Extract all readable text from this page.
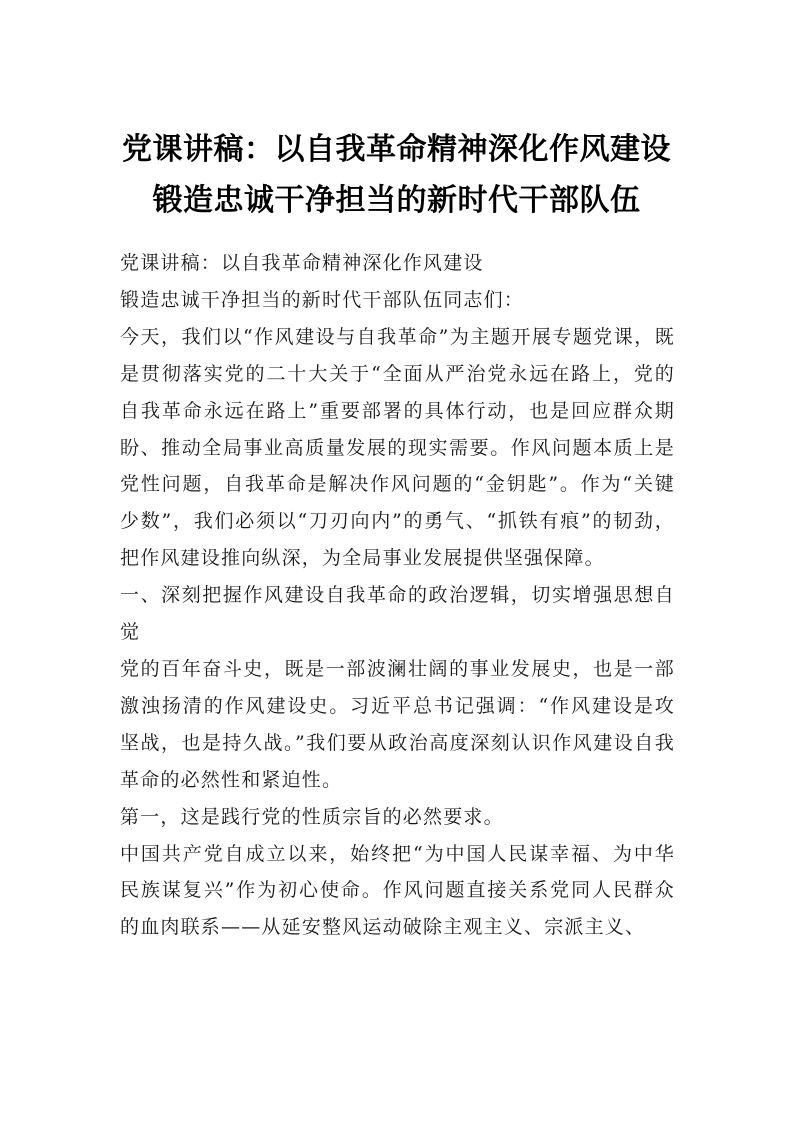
党课讲稿：以自我革命精神深化作风建设
锻造忠诚干净担当的新时代干部队伍

党课讲稿：以自我革命精神深化作风建设

锻造忠诚干净担当的新时代干部队伍同志们：

今天，我们以“作风建设与自我革命”为主题开展专题党课，既是贯彻落实党的二十大关于“全面从严治党永远在路上，党的自我革命永远在路上”重要部署的具体行动，也是回应群众期盼、推动全局事业高质量发展的现实需要。作风问题本质上是党性问题，自我革命是解决作风问题的“金钥匙”。作为“关键少数”，我们必须以“刀刃向内”的勇气、“抓铁有痕”的韧劲，把作风建设推向纵深，为全局事业发展提供坚强保障。

一、深刻把握作风建设自我革命的政治逻辑，切实增强思想自觉

党的百年奋斗史，既是一部波澜壮阔的事业发展史，也是一部激浊扬清的作风建设史。习近平总书记强调：“作风建设是攻坚战，也是持久战。”我们要从政治高度深刻认识作风建设自我革命的必然性和紧迫性。

第一，这是践行党的性质宗旨的必然要求。

中国共产党自成立以来，始终把“为中国人民谋幸福、为中华民族谋复兴”作为初心使命。作风问题直接关系党同人民群众的血肉联系——从延安整风运动破除主观主义、宗派主义、
